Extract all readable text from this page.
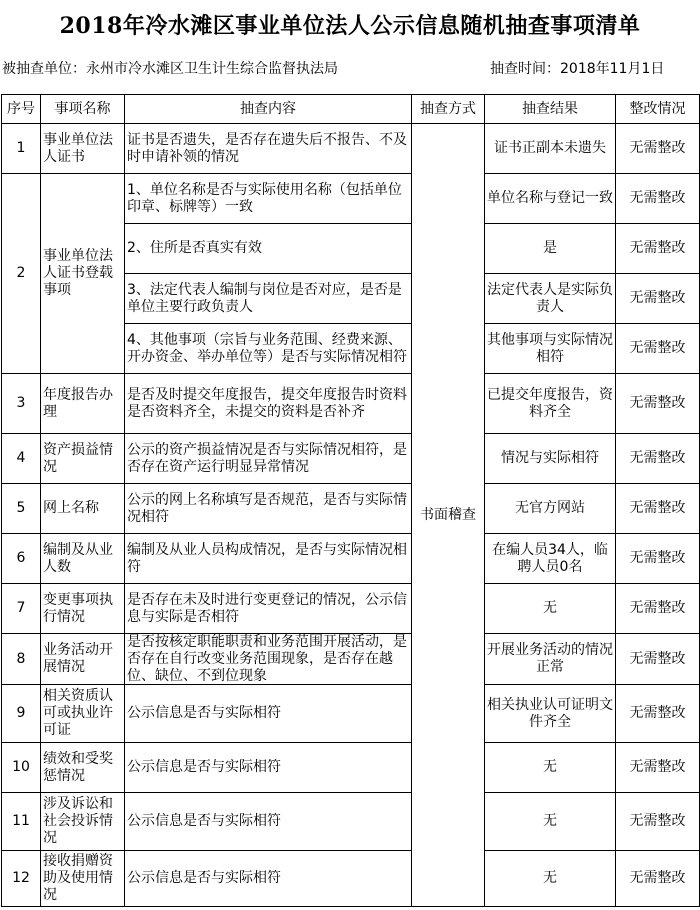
2018年冷水滩区事业单位法人公示信息随机抽查事项清单
被抽查单位：永州市冷水滩区卫生计生综合监督执法局	抽查时间：2018年11月1日
序号	事项名称	抽查内容	抽查方式	抽查结果	整改情况
1	事业单位法人证书	证书是否遗失，是否存在遗失后不报告、不及时申请补领的情况	书面稽查	证书正副本未遗失	无需整改
2	事业单位法人证书登载事项	1、单位名称是否与实际使用名称（包括单位印章、标牌等）一致		单位名称与登记一致	无需整改
		2、住所是否真实有效		是	无需整改
		3、法定代表人编制与岗位是否对应，是否是单位主要行政负责人		法定代表人是实际负责人	无需整改
		4、其他事项（宗旨与业务范围、经费来源、开办资金、举办单位等）是否与实际情况相符		其他事项与实际情况相符	无需整改
3	年度报告办理	是否及时提交年度报告，提交年度报告时资料是否资料齐全，未提交的资料是否补齐		已提交年度报告，资料齐全	无需整改
4	资产损益情况	公示的资产损益情况是否与实际情况相符，是否存在资产运行明显异常情况		情况与实际相符	无需整改
5	网上名称	公示的网上名称填写是否规范，是否与实际情况相符		无官方网站	无需整改
6	编制及从业人数	编制及从业人员构成情况，是否与实际情况相符		在编人员34人，临聘人员0名	无需整改
7	变更事项执行情况	是否存在未及时进行变更登记的情况，公示信息与实际是否相符		无	无需整改
8	业务活动开展情况	是否按核定职能职责和业务范围开展活动，是否存在自行改变业务范围现象，是否存在越位、缺位、不到位现象		开展业务活动的情况正常	无需整改
9	相关资质认可或执业许可证	公示信息是否与实际相符		相关执业认可证明文件齐全	无需整改
10	绩效和受奖惩情况	公示信息是否与实际相符		无	无需整改
11	涉及诉讼和社会投诉情况	公示信息是否与实际相符		无	无需整改
12	接收捐赠资助及使用情况	公示信息是否与实际相符		无	无需整改
